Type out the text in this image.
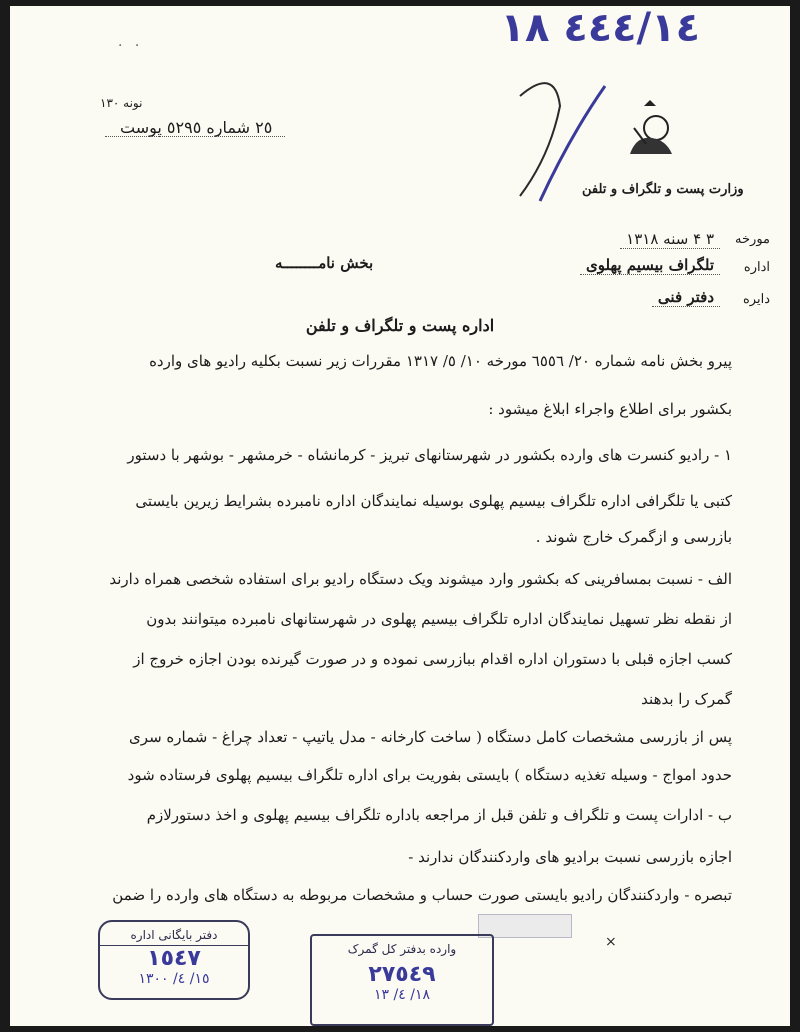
نونه ١٣٠
٢٥ شماره ٥٢٩٥ پوست
· ·	٤٤٤/١٤ ١٨
وزارت پست و تلگراف و تلفن
مورخه
٣ ۴ سنه ١٣١٨
اداره
تلگراف بیسیم پهلوی
دایره
دفتر فنی
بخش نامــــــــه
اداره پست و تلگراف و تلفن
پیرو بخش نامه شماره ٢٠/ ٦٥٥٦ مورخه ١٠/ ٥/ ١٣١٧ مقررات زیر نسبت بکلیه رادیو های وارده
بکشور برای اطلاع واجراء ابلاغ میشود :
١ - رادیو کنسرت های وارده بکشور در شهرستانهای تبریز - کرمانشاه - خرمشهر - بوشهر با دستور
کتبی یا تلگرافی اداره تلگراف بیسیم پهلوی بوسیله نمایندگان اداره نامبرده بشرایط زیرین بایستی
بازرسی و ازگمرک خارج شوند .
الف - نسبت بمسافرینی که بکشور وارد میشوند ویک دستگاه رادیو برای استفاده شخصی همراه دارند
از نقطه نظر تسهیل نمایندگان اداره تلگراف بیسیم پهلوی در شهرستانهای نامبرده میتوانند بدون
کسب اجازه قبلی با دستوران اداره اقدام ببازرسی نموده و در صورت گیرنده بودن اجازه خروج از
گمرک را بدهند
پس از بازرسی مشخصات کامل دستگاه ( ساخت کارخانه - مدل یاتیپ - تعداد چراغ - شماره سری
حدود امواج - وسیله تغذیه دستگاه ) بایستی بفوریت برای اداره تلگراف بیسیم پهلوی فرستاده شود
ب - ادارات پست و تلگراف و تلفن قبل از مراجعه باداره تلگراف بیسیم پهلوی و اخذ دستورلازم
اجازه بازرسی نسبت برادیو های واردکنندگان ندارند -
تبصره - واردکنندگان رادیو بایستی صورت حساب و مشخصات مربوطه به دستگاه های وارده را ضمن
×
دفتر بایگانی اداره
١٥٤٧
١٥/ ٤/ ١٣٠٠
وارده بدفتر کل گمرک
٢٧٥٤٩
١٨/ ٤/ ١٣
